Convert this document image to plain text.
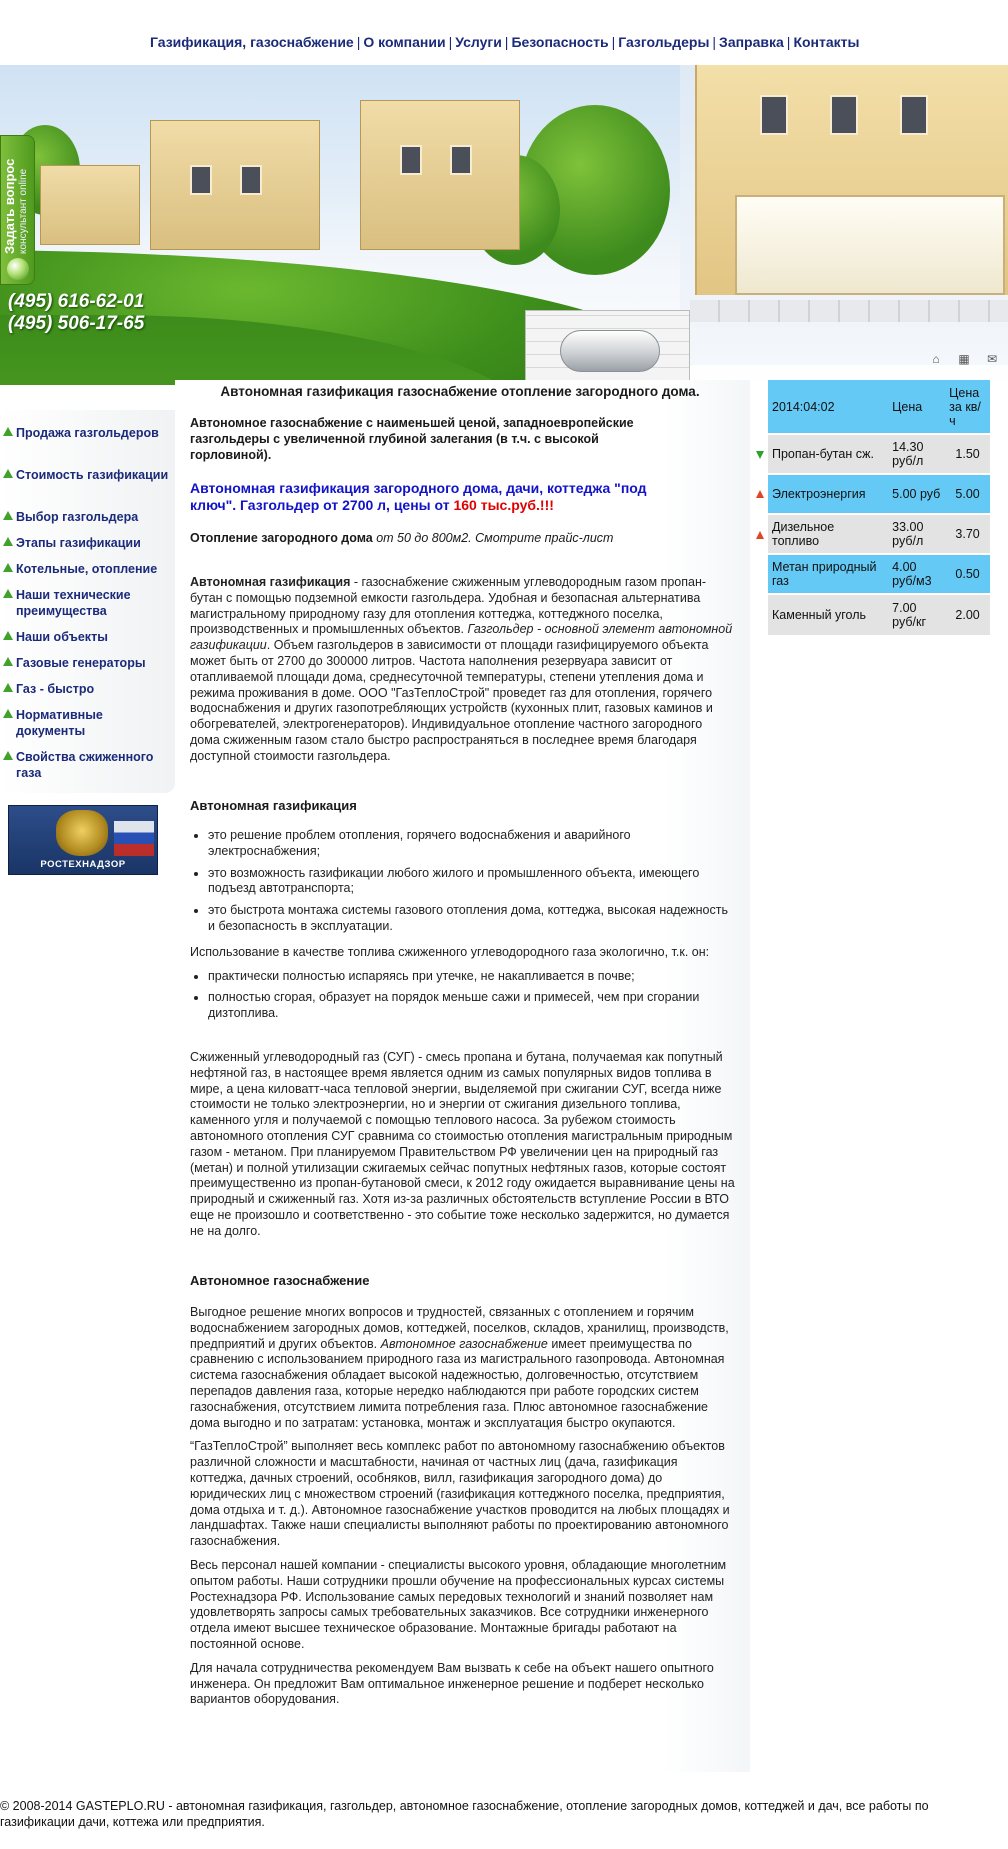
Газификация, газоснабжение | О компании | Услуги | Безопасность | Газгольдеры | Заправка | Контакты
(495) 616-62-01
(495) 506-17-65
Задать вопрос консультант online
⌂	▦ ✉
Продажа газгольдеров
Стоимость газификации
Выбор газгольдера
Этапы газификации
Котельные, отопление
Наши технические преимущества
Наши объекты
Газовые генераторы
Газ - быстро
Нормативные документы
Свойства сжиженного газа
РОСТЕХНАДЗОР
Автономная газификация газоснабжение отопление загородного дома.
Автономное газоснабжение с наименьшей ценой, западноевропейские газгольдеры с увеличенной глубиной залегания (в т.ч. с высокой горловиной).
Автономная газификация загородного дома, дачи, коттеджа "под ключ". Газгольдер от 2700 л, цены от 160 тыс.руб.!!!
Отопление загородного дома от 50 до 800м2. Смотрите прайс-лист

Автономная газификация - газоснабжение сжиженным углеводородным газом пропан-бутан с помощью подземной емкости газгольдера. Удобная и безопасная альтернатива магистральному природному газу для отопления коттеджа, коттеджного поселка, производственных и промышленных объектов. Газгольдер - основной элемент автономной газификации. Объем газгольдеров в зависимости от площади газифицируемого объекта может быть от 2700 до 300000 литров. Частота наполнения резервуара зависит от отапливаемой площади дома, среднесуточной температуры, степени утепления дома и режима проживания в доме. ООО "ГазТеплоСтрой" проведет газ для отопления, горячего водоснабжения и других газопотребляющих устройств (кухонных плит, газовых каминов и обогревателей, электрогенераторов). Индивидуальное отопление частного загородного дома сжиженным газом стало быстро распространяться в последнее время благодаря доступной стоимости газгольдера.

Автономная газификация
• это решение проблем отопления, горячего водоснабжения и аварийного электроснабжения;
• это возможность газификации любого жилого и промышленного объекта, имеющего подъезд автотранспорта;
• это быстрота монтажа системы газового отопления дома, коттеджа, высокая надежность и безопасность в эксплуатации.

Использование в качестве топлива сжиженного углеводородного газа экологично, т.к. он:

• практически полностью испаряясь при утечке, не накапливается в почве;
• полностью сгорая, образует на порядок меньше сажи и примесей, чем при сгорании дизтоплива.

Сжиженный углеводородный газ (СУГ) - смесь пропана и бутана, получаемая как попутный нефтяной газ, в настоящее время является одним из самых популярных видов топлива в мире, а цена киловатт-часа тепловой энергии, выделяемой при сжигании СУГ, всегда ниже стоимости не только электроэнергии, но и энергии от сжигания дизельного топлива, каменного угля и получаемой с помощью теплового насоса. За рубежом стоимость автономного отопления СУГ сравнима со стоимостью отопления магистральным природным газом - метаном. При планируемом Правительством РФ увеличении цен на природный газ (метан) и полной утилизации сжигаемых сейчас попутных нефтяных газов, которые состоят преимущественно из пропан-бутановой смеси, к 2012 году ожидается выравнивание цены на природный и сжиженный газ. Хотя из-за различных обстоятельств вступление России в ВТО еще не произошло и соответственно - это событие тоже несколько задержится, но думается не на долго.

Автономное газоснабжение

Выгодное решение многих вопросов и трудностей, связанных с отоплением и горячим водоснабжением загородных домов, коттеджей, поселков, складов, хранилищ, производств, предприятий и других объектов. Автономное газоснабжение имеет преимущества по сравнению с использованием природного газа из магистрального газопровода. Автономная система газоснабжения обладает высокой надежностью, долговечностью, отсутствием перепадов давления газа, которые нередко наблюдаются при работе городских систем газоснабжения, отсутствием лимита потребления газа. Плюс автономное газоснабжение дома выгодно и по затратам: установка, монтаж и эксплуатация быстро окупаются.

“ГазТеплоСтрой” выполняет весь комплекс работ по автономному газоснабжению объектов различной сложности и масштабности, начиная от частных лиц (дача, газификация коттеджа, дачных строений, особняков, вилл, газификация загородного дома) до юридических лиц с множеством строений (газификация коттеджного поселка, предприятия, дома отдыха и т. д.). Автономное газоснабжение участков проводится на любых площадях и ландшафтах. Также наши специалисты выполняют работы по проектированию автономного газоснабжения.

Весь персонал нашей компании - специалисты высокого уровня, обладающие многолетним опытом работы. Наши сотрудники прошли обучение на профессиональных курсах системы Ростехнадзора РФ. Использование самых передовых технологий и знаний позволяет нам удовлетворять запросы самых требовательных заказчиков. Все сотрудники инженерного отдела имеют высшее техническое образование. Монтажные бригады работают на постоянной основе.

Для начала сотрудничества рекомендуем Вам вызвать к себе на объект нашего опытного инженера. Он предложит Вам оптимальное инженерное решение и подберет несколько вариантов оборудования.

2014:04:02	Цена	Цена за кв/ч
Пропан-бутан сж.	14.30 руб/л	1.50
Электроэнергия	5.00 руб	5.00
Дизельное топливо	33.00 руб/л	3.70
Метан природный газ	4.00 руб/м3	0.50
Каменный уголь	7.00 руб/кг	2.00
© 2008-2014 GASTEPLO.RU - автономная газификация, газгольдер, автономное газоснабжение, отопление загородных домов, коттеджей и дач, все работы по газификации дачи, коттежа или предприятия.
